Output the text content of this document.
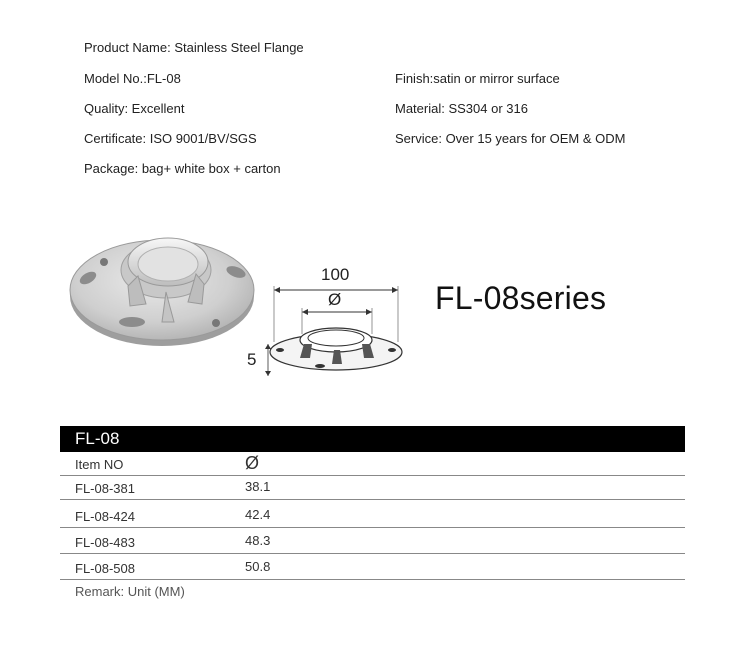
Product Name: Stainless Steel Flange
Model No.:FL-08	Finish:satin or mirror surface
Quality: Excellent	Material: SS304 or 316
Certificate: ISO 9001/BV/SGS	Service: Over 15 years for OEM & ODM
Package: bag+ white box + carton
100
Ø
5
FL-08series
FL-08
Item NO	Ø
FL-08-381	38.1
FL-08-424	42.4
FL-08-483	48.3
FL-08-508	50.8
Remark: Unit (MM)
